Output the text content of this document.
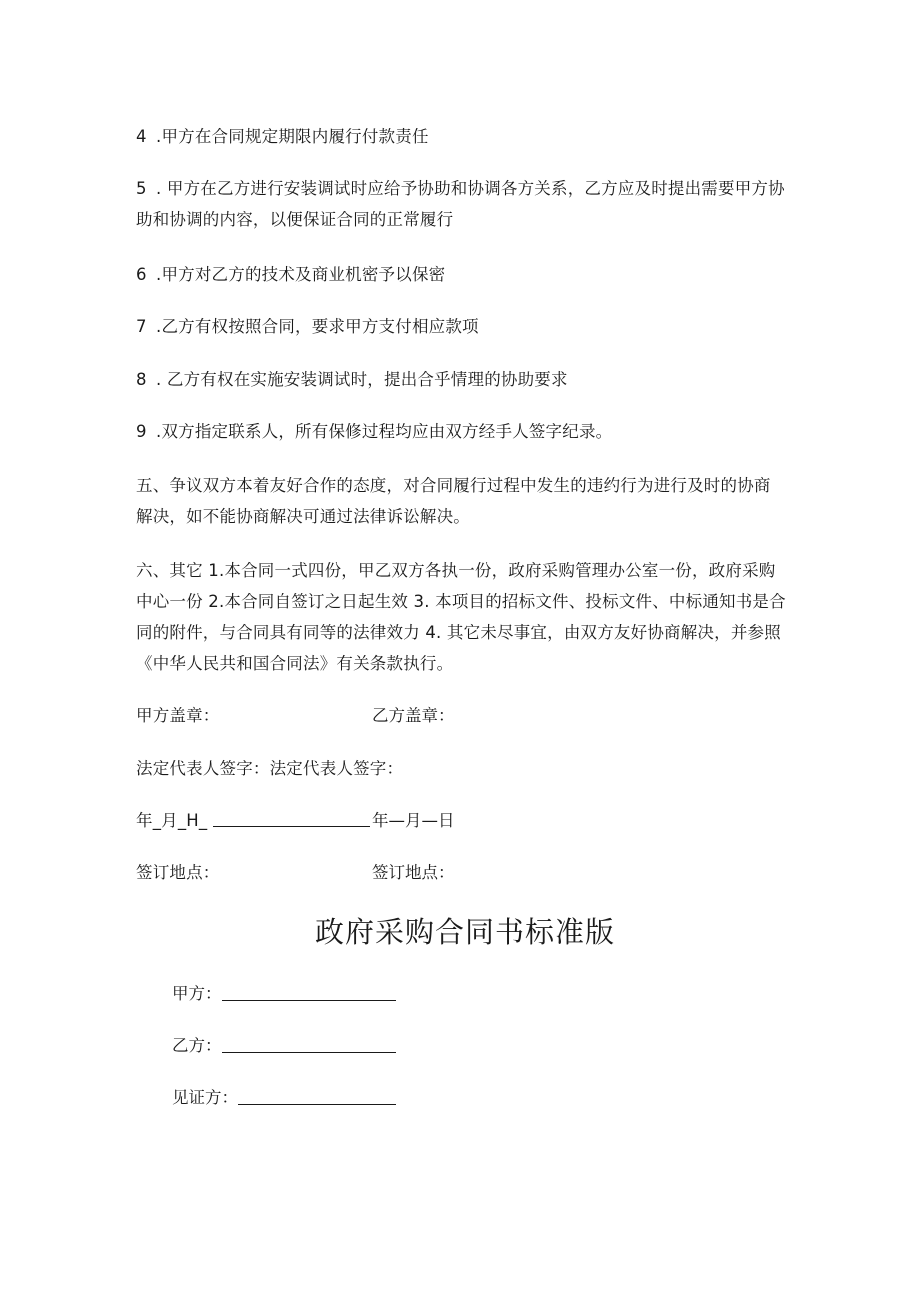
4 .甲方在合同规定期限内履行付款责任
5 . 甲方在乙方进行安装调试时应给予协助和协调各方关系，乙方应及时提出需要甲方协助和协调的内容，以便保证合同的正常履行
6 .甲方对乙方的技术及商业机密予以保密
7 .乙方有权按照合同，要求甲方支付相应款项
8 . 乙方有权在实施安装调试时，提出合乎情理的协助要求
9 .双方指定联系人，所有保修过程均应由双方经手人签字纪录。
五、争议双方本着友好合作的态度，对合同履行过程中发生的违约行为进行及时的协商解决，如不能协商解决可通过法律诉讼解决。
六、其它 1.本合同一式四份，甲乙双方各执一份，政府采购管理办公室一份，政府采购中心一份 2.本合同自签订之日起生效 3. 本项目的招标文件、投标文件、中标通知书是合同的附件，与合同具有同等的法律效力 4. 其它未尽事宜，由双方友好协商解决，并参照《中华人民共和国合同法》有关条款执行。
甲方盖章：	乙方盖章：
法定代表人签字：法定代表人签字：
年_月_H_	年—月—日
签订地点：	签订地点：
政府采购合同书标准版
甲方：
乙方：
见证方：
